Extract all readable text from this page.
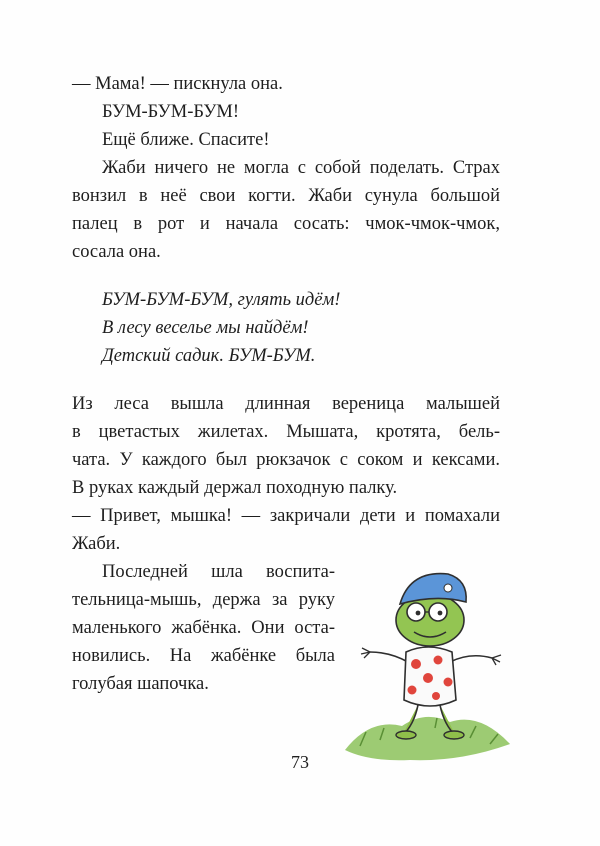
— Мама! — пискнула она.
БУМ-БУМ-БУМ!
Ещё ближе. Спасите!
Жаби ничего не могла с собой поделать. Страх
вонзил в неё свои когти. Жаби сунула большой
палец в рот и начала сосать: чмок-чмок-чмок,
сосала она.
БУМ-БУМ-БУМ, гулять идём!
В лесу веселье мы найдём!
Детский садик. БУМ-БУМ.
Из леса вышла длинная вереница малышей
в цветастых жилетах. Мышата, кротята, бель-
чата. У каждого был рюкзачок с соком и кексами.
В руках каждый держал походную палку.
— Привет, мышка! — закричали дети и помахали
Жаби.
Последней шла воспита-
тельница-мышь, держа за руку
маленького жабёнка. Они оста-
новились. На жабёнке была
голубая шапочка.
73
